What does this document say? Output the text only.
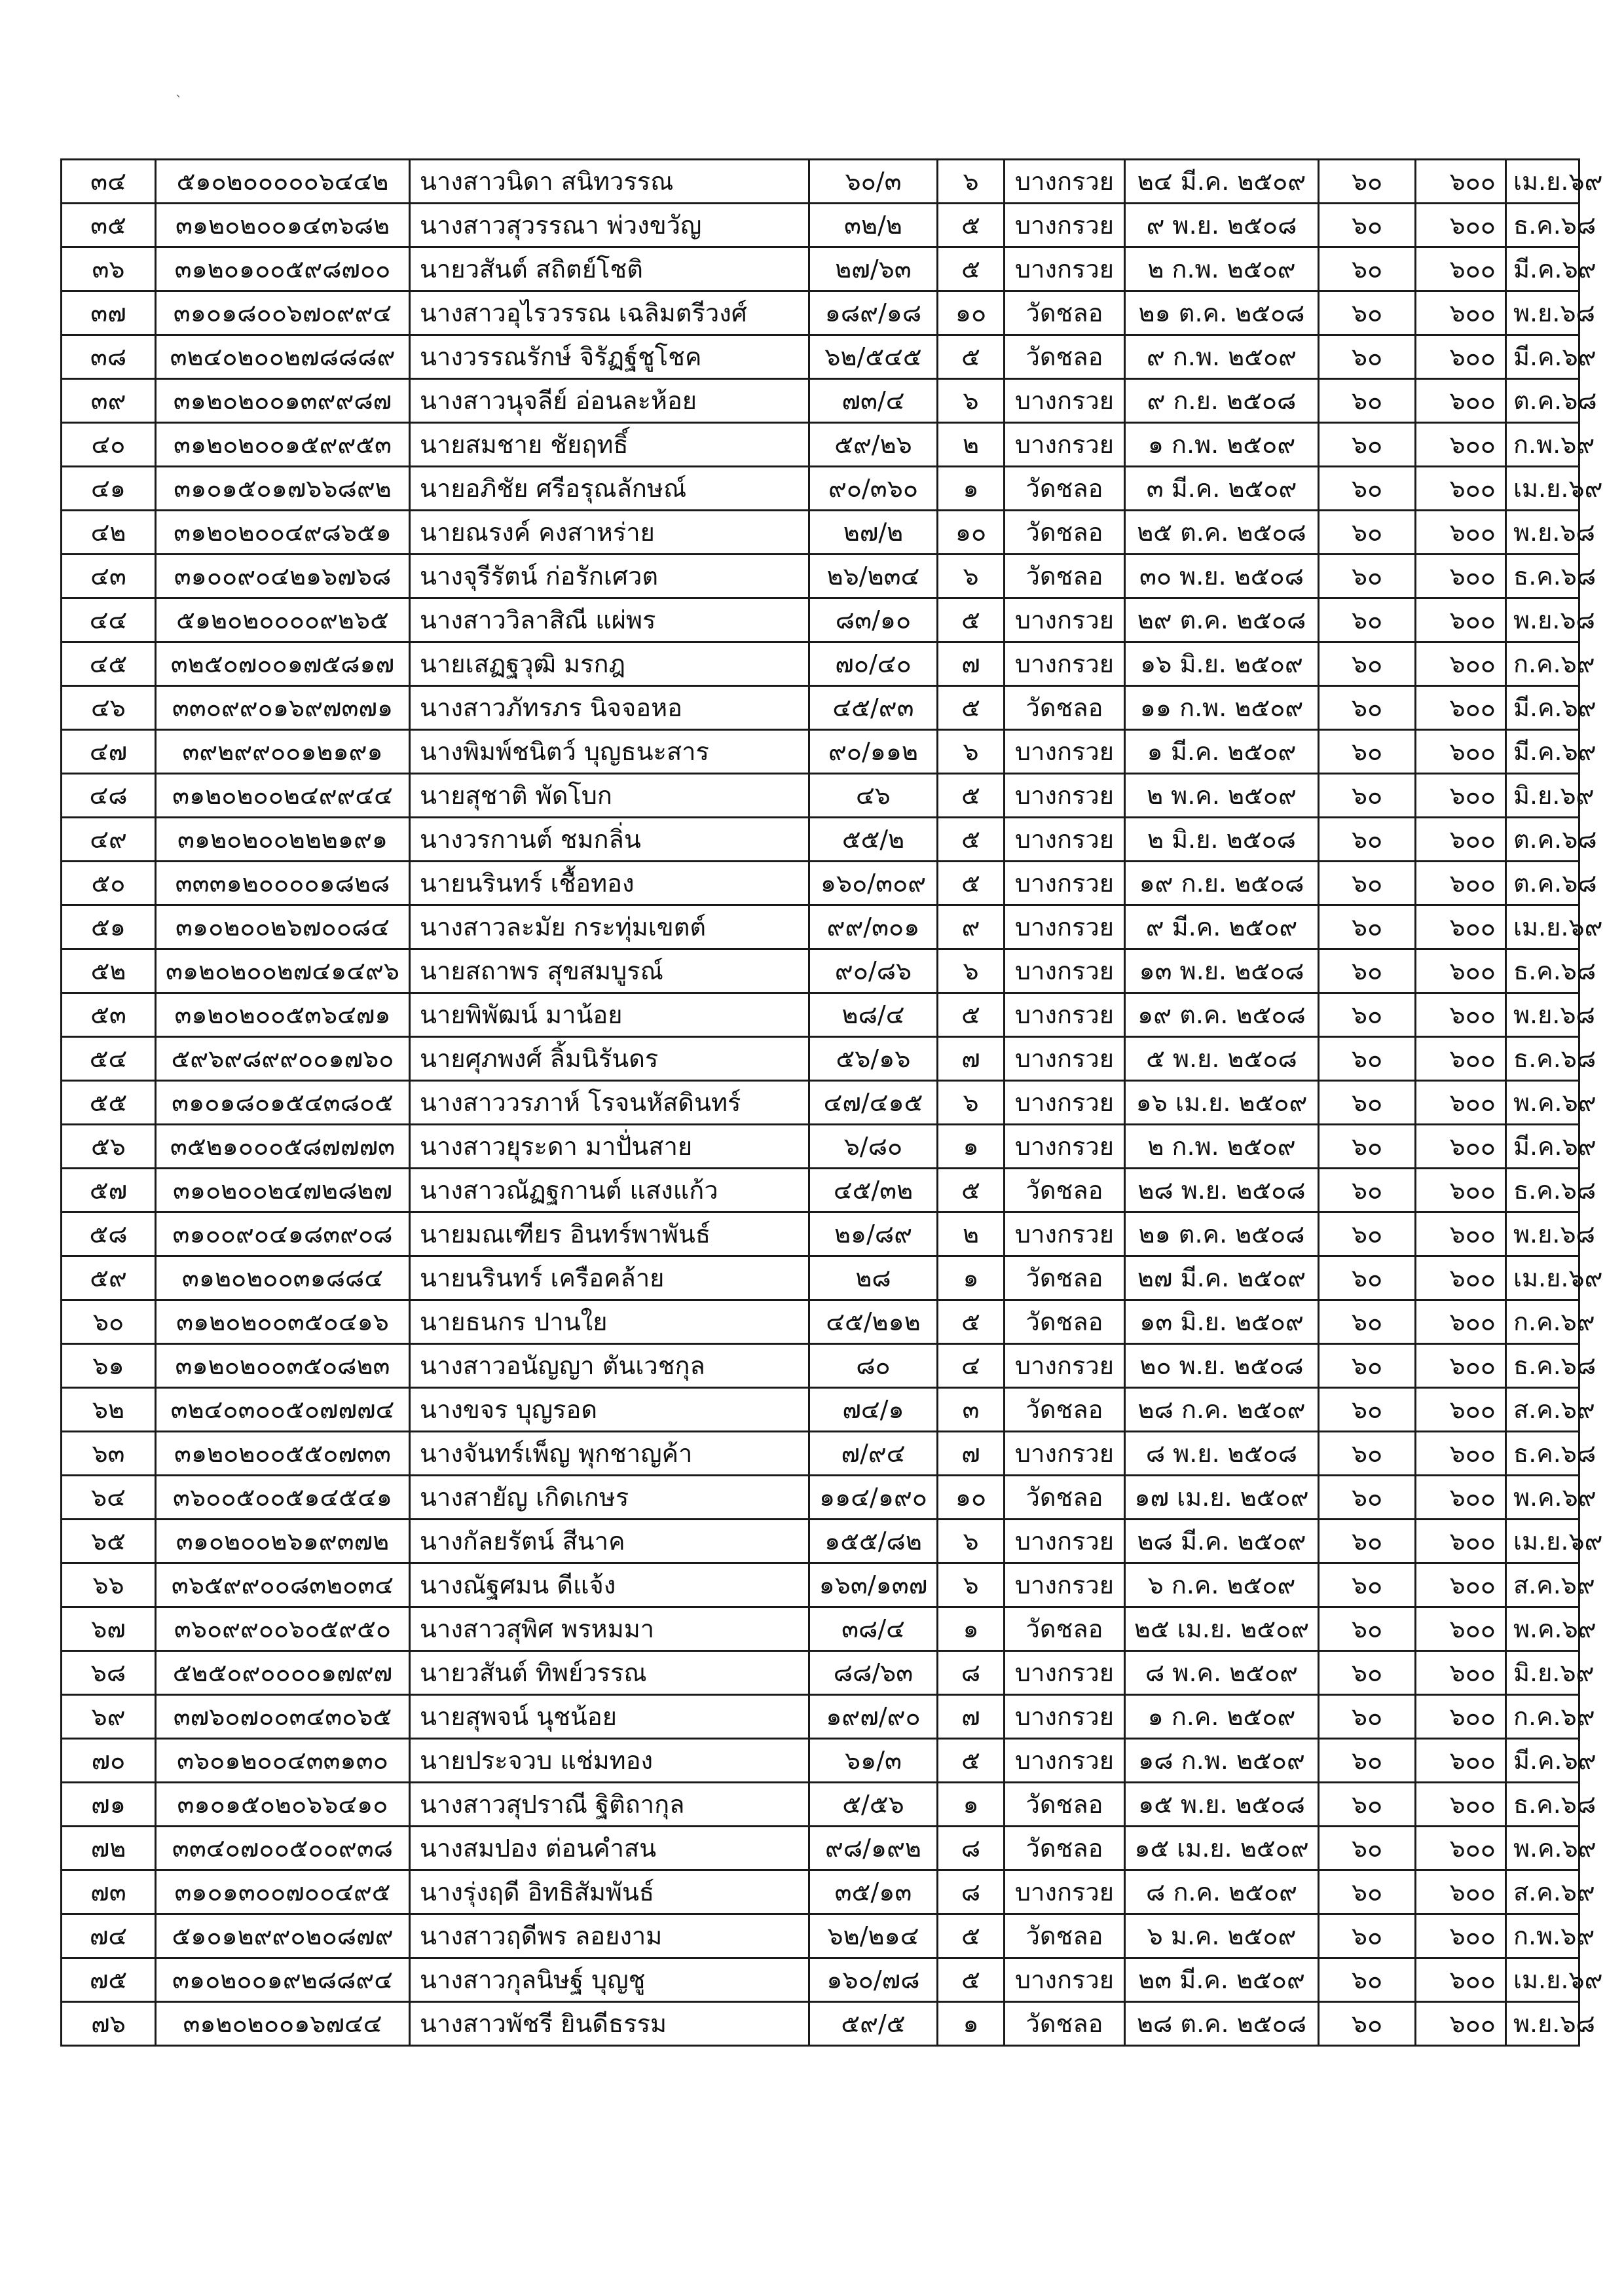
`
๓๔	๕๑๐๒๐๐๐๐๐๖๔๔๒	นางสาวนิดา สนิทวรรณ	๖๐/๓	๖	บางกรวย	๒๔ มี.ค. ๒๕๐๙	๖๐	๖๐๐	เม.ย.๖๙
๓๕	๓๑๒๐๒๐๐๑๔๓๖๘๒	นางสาวสุวรรณา พ่วงขวัญ	๓๒/๒	๕	บางกรวย	๙ พ.ย. ๒๕๐๘	๖๐	๖๐๐	ธ.ค.๖๘
๓๖	๓๑๒๐๑๐๐๕๙๘๗๐๐	นายวสันต์ สถิตย์โชติ	๒๗/๖๓	๕	บางกรวย	๒ ก.พ. ๒๕๐๙	๖๐	๖๐๐	มี.ค.๖๙
๓๗	๓๑๐๑๘๐๐๖๗๐๙๙๔	นางสาวอุไรวรรณ เฉลิมตรีวงศ์	๑๘๙/๑๘	๑๐	วัดชลอ	๒๑ ต.ค. ๒๕๐๘	๖๐	๖๐๐	พ.ย.๖๘
๓๘	๓๒๔๐๒๐๐๒๗๘๘๘๙	นางวรรณรักษ์ จิรัฏฐ์ชูโชค	๖๒/๕๔๕	๕	วัดชลอ	๙ ก.พ. ๒๕๐๙	๖๐	๖๐๐	มี.ค.๖๙
๓๙	๓๑๒๐๒๐๐๑๓๙๙๘๗	นางสาวนุจลีย์ อ่อนละห้อย	๗๓/๔	๖	บางกรวย	๙ ก.ย. ๒๕๐๘	๖๐	๖๐๐	ต.ค.๖๘
๔๐	๓๑๒๐๒๐๐๑๕๙๙๕๓	นายสมชาย ชัยฤทธิ์	๕๙/๒๖	๒	บางกรวย	๑ ก.พ. ๒๕๐๙	๖๐	๖๐๐	ก.พ.๖๙
๔๑	๓๑๐๑๕๐๑๗๖๖๘๙๒	นายอภิชัย ศรีอรุณลักษณ์	๙๐/๓๖๐	๑	วัดชลอ	๓ มี.ค. ๒๕๐๙	๖๐	๖๐๐	เม.ย.๖๙
๔๒	๓๑๒๐๒๐๐๔๙๘๖๕๑	นายณรงค์ คงสาหร่าย	๒๗/๒	๑๐	วัดชลอ	๒๕ ต.ค. ๒๕๐๘	๖๐	๖๐๐	พ.ย.๖๘
๔๓	๓๑๐๐๙๐๔๒๑๖๗๖๘	นางจุรีรัตน์ ก่อรักเศวต	๒๖/๒๓๔	๖	วัดชลอ	๓๐ พ.ย. ๒๕๐๘	๖๐	๖๐๐	ธ.ค.๖๘
๔๔	๕๑๒๐๒๐๐๐๐๙๒๖๕	นางสาววิลาสิณี แผ่พร	๘๓/๑๐	๕	บางกรวย	๒๙ ต.ค. ๒๕๐๘	๖๐	๖๐๐	พ.ย.๖๘
๔๕	๓๒๕๐๗๐๐๑๗๕๘๑๗	นายเสฏฐวุฒิ มรกฎ	๗๐/๔๐	๗	บางกรวย	๑๖ มิ.ย. ๒๕๐๙	๖๐	๖๐๐	ก.ค.๖๙
๔๖	๓๓๐๙๙๐๑๖๙๗๓๗๑	นางสาวภัทรภร นิจจอหอ	๔๕/๙๓	๕	วัดชลอ	๑๑ ก.พ. ๒๕๐๙	๖๐	๖๐๐	มี.ค.๖๙
๔๗	๓๙๒๙๙๐๐๑๒๑๙๑	นางพิมพ์ชนิตว์ บุญธนะสาร	๙๐/๑๑๒	๖	บางกรวย	๑ มี.ค. ๒๕๐๙	๖๐	๖๐๐	มี.ค.๖๙
๔๘	๓๑๒๐๒๐๐๒๔๙๙๔๔	นายสุชาติ พัดโบก	๔๖	๕	บางกรวย	๒ พ.ค. ๒๕๐๙	๖๐	๖๐๐	มิ.ย.๖๙
๔๙	๓๑๒๐๒๐๐๒๒๒๑๙๑	นางวรกานต์ ชมกลิ่น	๕๕/๒	๕	บางกรวย	๒ มิ.ย. ๒๕๐๘	๖๐	๖๐๐	ต.ค.๖๘
๕๐	๓๓๓๑๒๐๐๐๐๑๘๒๘	นายนรินทร์ เชื้อทอง	๑๖๐/๓๐๙	๕	บางกรวย	๑๙ ก.ย. ๒๕๐๘	๖๐	๖๐๐	ต.ค.๖๘
๕๑	๓๑๐๒๐๐๒๖๗๐๐๘๔	นางสาวละมัย กระทุ่มเขตต์	๙๙/๓๐๑	๙	บางกรวย	๙ มี.ค. ๒๕๐๙	๖๐	๖๐๐	เม.ย.๖๙
๕๒	๓๑๒๐๒๐๐๒๗๔๑๔๙๖	นายสถาพร สุขสมบูรณ์	๙๐/๘๖	๖	บางกรวย	๑๓ พ.ย. ๒๕๐๘	๖๐	๖๐๐	ธ.ค.๖๘
๕๓	๓๑๒๐๒๐๐๕๓๖๔๗๑	นายพิพัฒน์ มาน้อย	๒๘/๔	๕	บางกรวย	๑๙ ต.ค. ๒๕๐๘	๖๐	๖๐๐	พ.ย.๖๘
๕๔	๕๙๖๙๘๙๙๐๐๑๗๖๐	นายศุภพงศ์ ลิ้มนิรันดร	๕๖/๑๖	๗	บางกรวย	๕ พ.ย. ๒๕๐๘	๖๐	๖๐๐	ธ.ค.๖๘
๕๕	๓๑๐๑๘๐๑๕๔๓๘๐๕	นางสาววรภาห์ โรจนหัสดินทร์	๔๗/๔๑๕	๖	บางกรวย	๑๖ เม.ย. ๒๕๐๙	๖๐	๖๐๐	พ.ค.๖๙
๕๖	๓๕๒๑๐๐๐๕๘๗๗๗๓	นางสาวยุระดา มาปั่นสาย	๖/๘๐	๑	บางกรวย	๒ ก.พ. ๒๕๐๙	๖๐	๖๐๐	มี.ค.๖๙
๕๗	๓๑๐๒๐๐๒๔๗๒๘๒๗	นางสาวณัฏฐกานต์ แสงแก้ว	๔๕/๓๒	๕	วัดชลอ	๒๘ พ.ย. ๒๕๐๘	๖๐	๖๐๐	ธ.ค.๖๘
๕๘	๓๑๐๐๙๐๔๑๘๓๙๐๘	นายมณเฑียร อินทร์พาพันธ์	๒๑/๘๙	๒	บางกรวย	๒๑ ต.ค. ๒๕๐๘	๖๐	๖๐๐	พ.ย.๖๘
๕๙	๓๑๒๐๒๐๐๓๑๘๘๔	นายนรินทร์ เครือคล้าย	๒๘	๑	วัดชลอ	๒๗ มี.ค. ๒๕๐๙	๖๐	๖๐๐	เม.ย.๖๙
๖๐	๓๑๒๐๒๐๐๓๕๐๔๑๖	นายธนกร ปานใย	๔๕/๒๑๒	๕	วัดชลอ	๑๓ มิ.ย. ๒๕๐๙	๖๐	๖๐๐	ก.ค.๖๙
๖๑	๓๑๒๐๒๐๐๓๕๐๘๒๓	นางสาวอนัญญา ตันเวชกุล	๘๐	๔	บางกรวย	๒๐ พ.ย. ๒๕๐๘	๖๐	๖๐๐	ธ.ค.๖๘
๖๒	๓๒๔๐๓๐๐๕๐๗๗๗๔	นางขจร บุญรอด	๗๔/๑	๓	วัดชลอ	๒๘ ก.ค. ๒๕๐๙	๖๐	๖๐๐	ส.ค.๖๙
๖๓	๓๑๒๐๒๐๐๕๕๐๗๓๓	นางจันทร์เพ็ญ พุกชาญค้า	๗/๙๔	๗	บางกรวย	๘ พ.ย. ๒๕๐๘	๖๐	๖๐๐	ธ.ค.๖๘
๖๔	๓๖๐๐๕๐๐๕๑๔๕๔๑	นางสายัญ เกิดเกษร	๑๑๔/๑๙๐	๑๐	วัดชลอ	๑๗ เม.ย. ๒๕๐๙	๖๐	๖๐๐	พ.ค.๖๙
๖๕	๓๑๐๒๐๐๒๖๑๙๓๗๒	นางกัลยรัตน์ สีนาค	๑๕๕/๘๒	๖	บางกรวย	๒๘ มี.ค. ๒๕๐๙	๖๐	๖๐๐	เม.ย.๖๙
๖๖	๓๖๕๙๙๐๐๘๓๒๐๓๔	นางณัฐศมน ดีแจ้ง	๑๖๓/๑๓๗	๖	บางกรวย	๖ ก.ค. ๒๕๐๙	๖๐	๖๐๐	ส.ค.๖๙
๖๗	๓๖๐๙๙๐๐๖๐๕๙๕๐	นางสาวสุพิศ พรหมมา	๓๘/๔	๑	วัดชลอ	๒๕ เม.ย. ๒๕๐๙	๖๐	๖๐๐	พ.ค.๖๙
๖๘	๕๒๕๐๙๐๐๐๐๑๗๙๗	นายวสันต์ ทิพย์วรรณ	๘๘/๖๓	๘	บางกรวย	๘ พ.ค. ๒๕๐๙	๖๐	๖๐๐	มิ.ย.๖๙
๖๙	๓๗๖๐๗๐๐๓๔๓๐๖๕	นายสุพจน์ นุชน้อย	๑๙๗/๙๐	๗	บางกรวย	๑ ก.ค. ๒๕๐๙	๖๐	๖๐๐	ก.ค.๖๙
๗๐	๓๖๐๑๒๐๐๔๓๓๑๓๐	นายประจวบ แช่มทอง	๖๑/๓	๕	บางกรวย	๑๘ ก.พ. ๒๕๐๙	๖๐	๖๐๐	มี.ค.๖๙
๗๑	๓๑๐๑๕๐๒๐๖๖๔๑๐	นางสาวสุปราณี ฐิติถากุล	๕/๕๖	๑	วัดชลอ	๑๕ พ.ย. ๒๕๐๘	๖๐	๖๐๐	ธ.ค.๖๘
๗๒	๓๓๔๐๗๐๐๕๐๐๙๓๘	นางสมปอง ต่อนคำสน	๙๘/๑๙๒	๘	วัดชลอ	๑๕ เม.ย. ๒๕๐๙	๖๐	๖๐๐	พ.ค.๖๙
๗๓	๓๑๐๑๓๐๐๗๐๐๔๙๕	นางรุ่งฤดี อิทธิสัมพันธ์	๓๕/๑๓	๘	บางกรวย	๘ ก.ค. ๒๕๐๙	๖๐	๖๐๐	ส.ค.๖๙
๗๔	๕๑๐๑๒๙๙๐๒๐๘๗๙	นางสาวฤดีพร ลอยงาม	๖๒/๒๑๔	๕	วัดชลอ	๖ ม.ค. ๒๕๐๙	๖๐	๖๐๐	ก.พ.๖๙
๗๕	๓๑๐๒๐๐๑๙๒๘๘๙๔	นางสาวกุลนิษฐ์ บุญชู	๑๖๐/๗๘	๕	บางกรวย	๒๓ มี.ค. ๒๕๐๙	๖๐	๖๐๐	เม.ย.๖๙
๗๖	๓๑๒๐๒๐๐๑๖๗๔๔	นางสาวพัชรี ยินดีธรรม	๕๙/๕	๑	วัดชลอ	๒๘ ต.ค. ๒๕๐๘	๖๐	๖๐๐	พ.ย.๖๘
